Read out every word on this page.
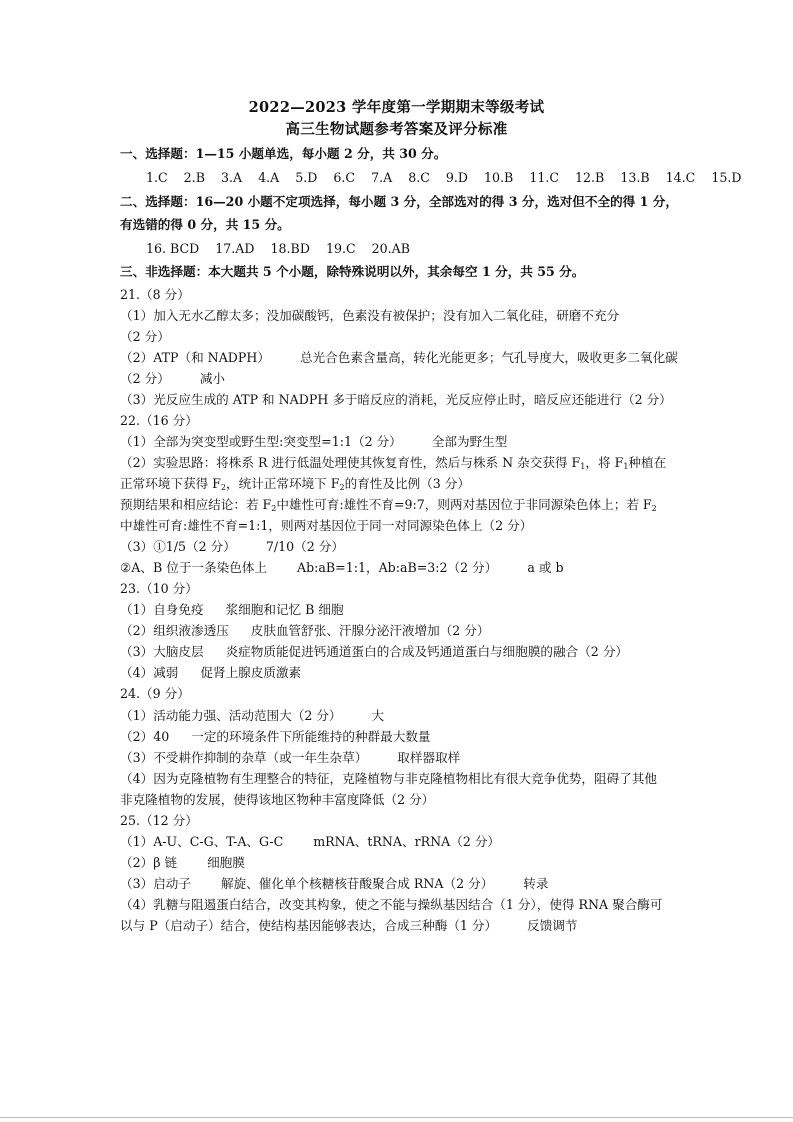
2022—2023 学年度第一学期期末等级考试
高三生物试题参考答案及评分标准
一、选择题：1—15 小题单选，每小题 2 分，共 30 分。
1.C 2.B 3.A 4.A 5.D 6.C 7.A 8.C 9.D 10.B 11.C 12.B 13.B 14.C 15.D
二、选择题：16—20 小题不定项选择，每小题 3 分，全部选对的得 3 分，选对但不全的得 1 分，
有选错的得 0 分，共 15 分。
16. BCD 17.AD 18.BD 19.C 20.AB
三、非选择题：本大题共 5 个小题，除特殊说明以外，其余每空 1 分，共 55 分。
21.（8 分）
（1）加入无水乙醇太多；没加碳酸钙，色素没有被保护；没有加入二氧化硅，研磨不充分
（2 分）
（2）ATP（和 NADPH） 总光合色素含量高，转化光能更多；气孔导度大，吸收更多二氧化碳
（2 分） 减小
（3）光反应生成的 ATP 和 NADPH 多于暗反应的消耗，光反应停止时，暗反应还能进行（2 分）
22.（16 分）
（1）全部为突变型或野生型:突变型=1:1（2 分） 全部为野生型
（2）实验思路：将株系 R 进行低温处理使其恢复育性，然后与株系 N 杂交获得 $F_1$，将 $F_1$种植在
正常环境下获得 $F_2$，统计正常环境下 $F_2$的育性及比例（3 分）
预期结果和相应结论：若 $F_2$中雄性可育:雄性不育=9:7，则两对基因位于非同源染色体上；若 $F_2$
中雄性可育:雄性不育=1:1，则两对基因位于同一对同源染色体上（2 分）
（3）①1/5（2 分） 7/10（2 分）
②A、B 位于一条染色体上 Ab:aB=1:1，Ab:aB=3:2（2 分） a 或 b
23.（10 分）
（1）自身免疫 浆细胞和记忆 B 细胞
（2）组织液渗透压 皮肤血管舒张、汗腺分泌汗液增加（2 分）
（3）大脑皮层 炎症物质能促进钙通道蛋白的合成及钙通道蛋白与细胞膜的融合（2 分）
（4）减弱 促肾上腺皮质激素
24.（9 分）
（1）活动能力强、活动范围大（2 分） 大
（2）40 一定的环境条件下所能维持的种群最大数量
（3）不受耕作抑制的杂草（或一年生杂草） 取样器取样
（4）因为克隆植物有生理整合的特征，克隆植物与非克隆植物相比有很大竞争优势，阻碍了其他
非克隆植物的发展，使得该地区物种丰富度降低（2 分）
25.（12 分）
（1）A-U、C-G、T-A、G-C mRNA、tRNA、rRNA（2 分）
（2）β 链 细胞膜
（3）启动子 解旋、催化单个核糖核苷酸聚合成 RNA（2 分） 转录
（4）乳糖与阻遏蛋白结合，改变其构象，使之不能与操纵基因结合（1 分），使得 RNA 聚合酶可
以与 P（启动子）结合，使结构基因能够表达，合成三种酶（1 分） 反馈调节
